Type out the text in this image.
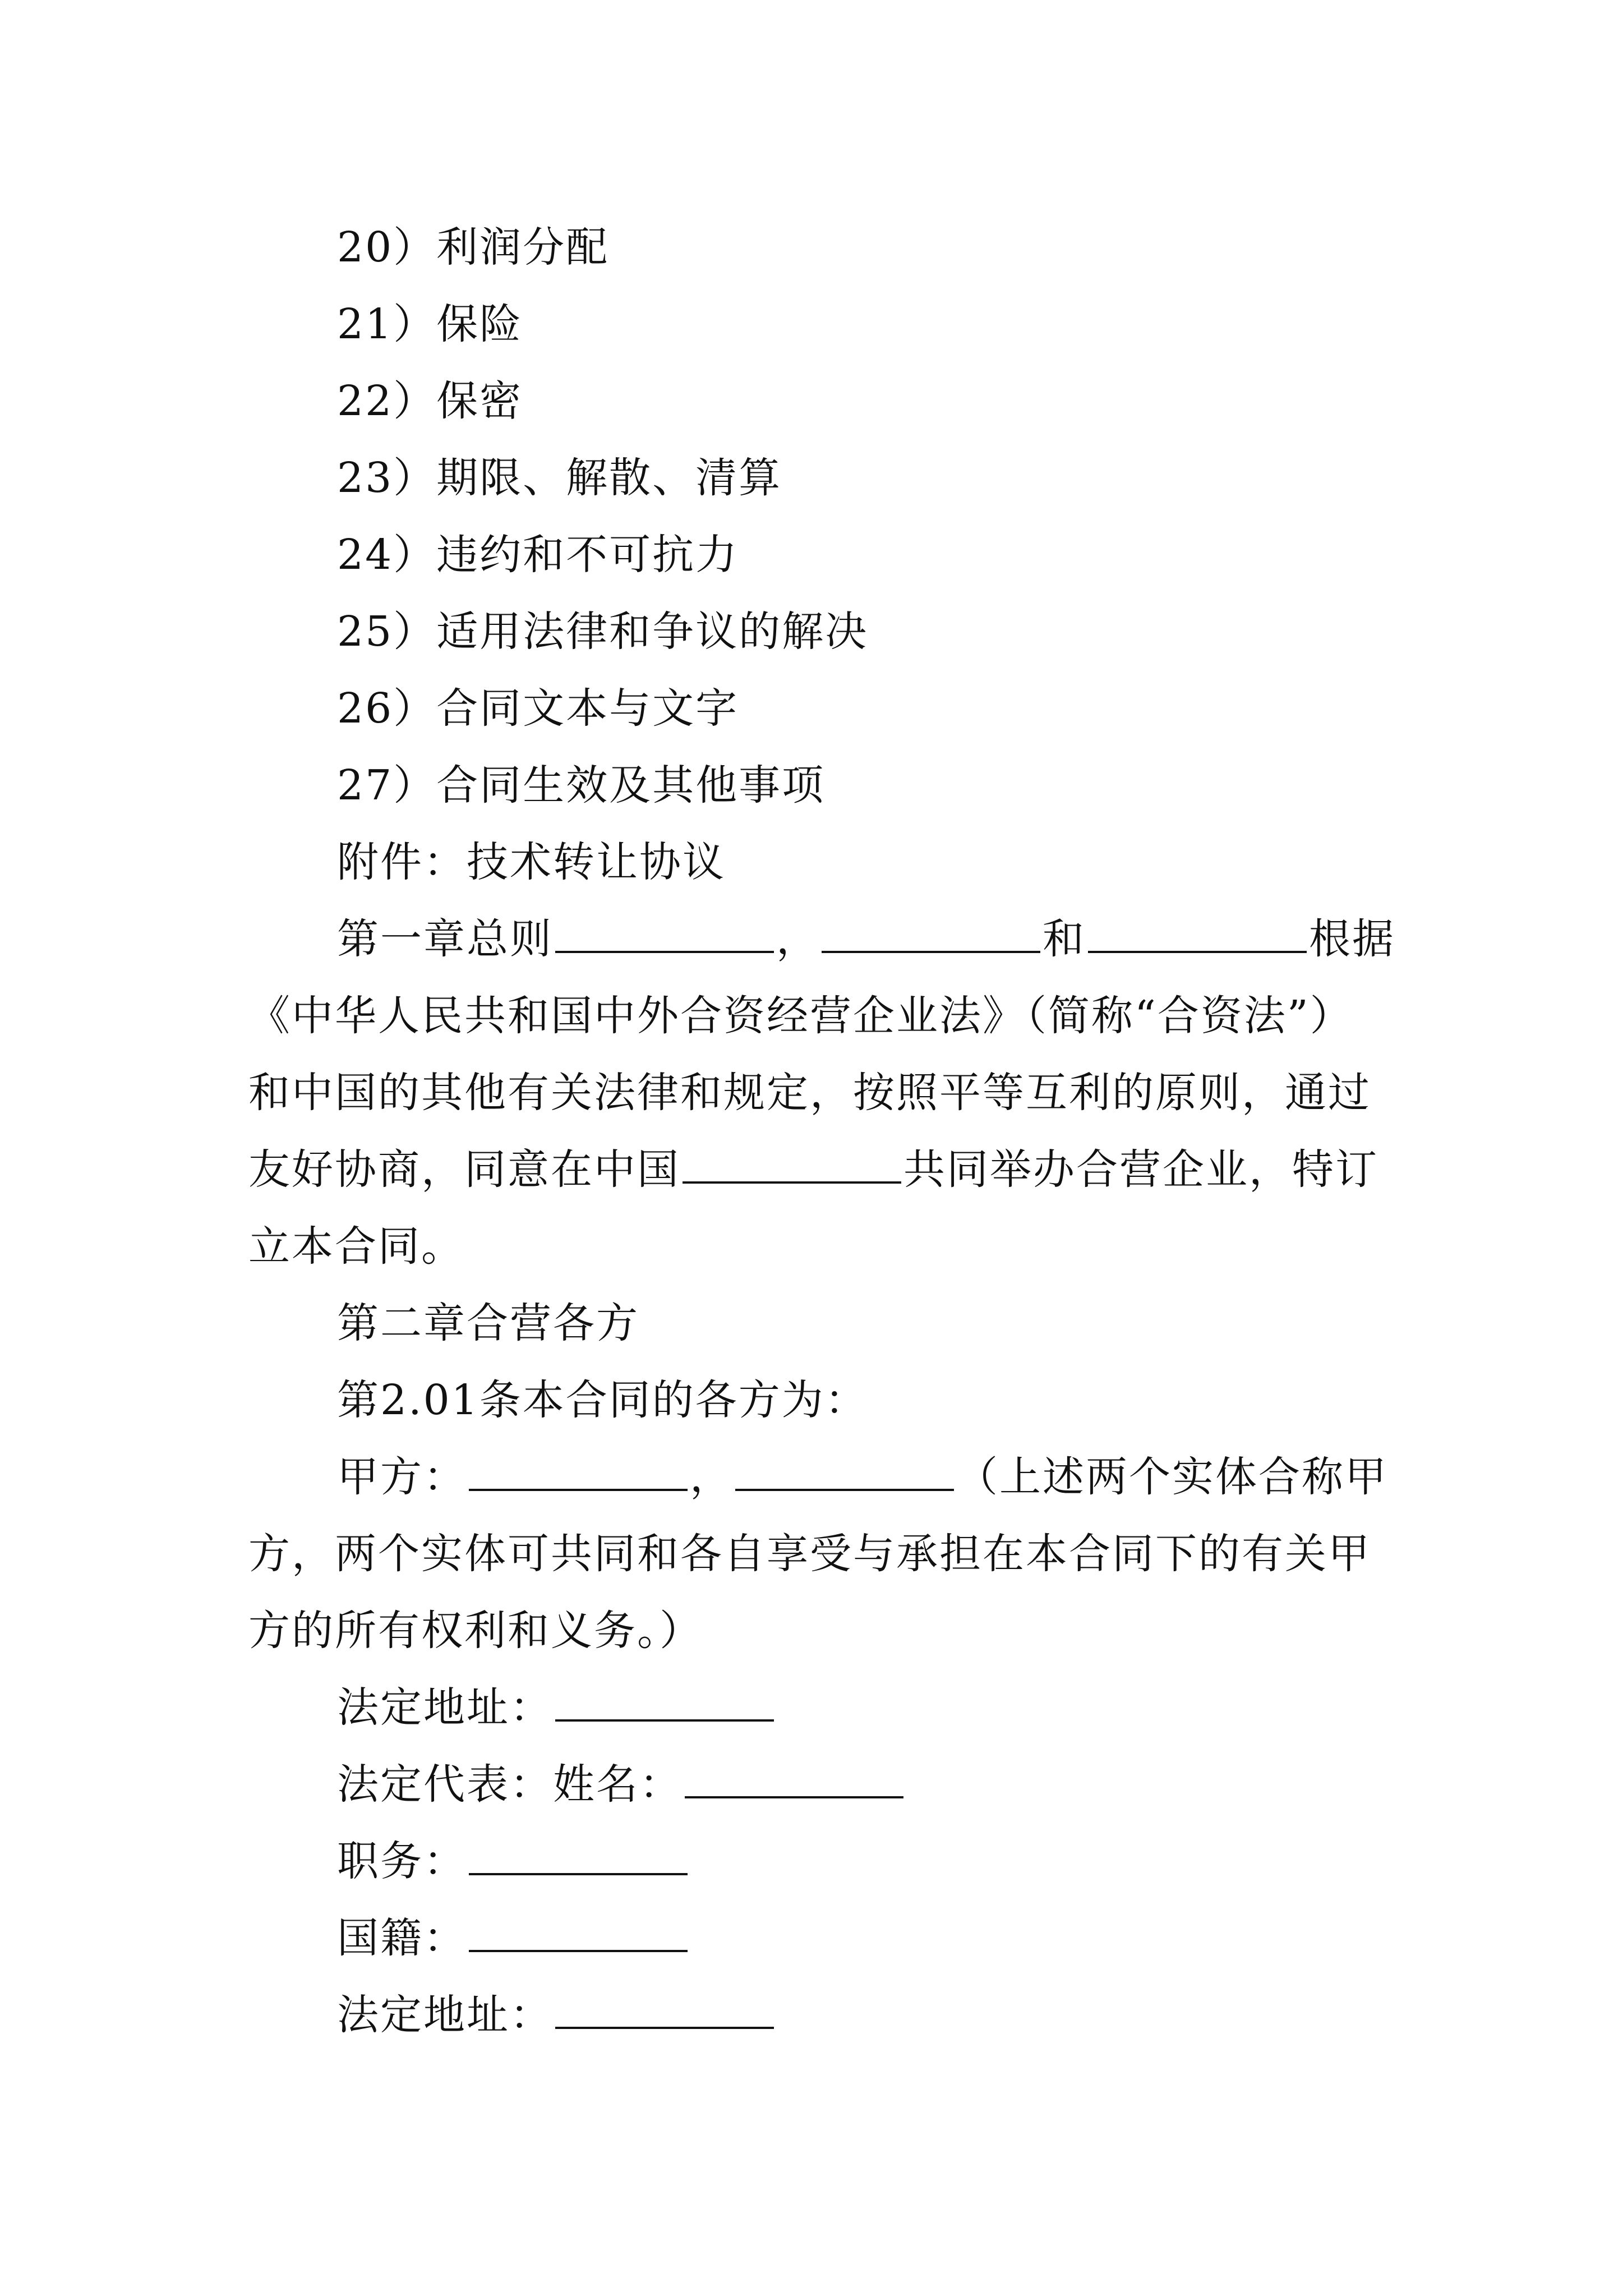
20）利润分配
21）保险
22）保密
23）期限、解散、清算
24）违约和不可抗力
25）适用法律和争议的解决
26）合同文本与文字
27）合同生效及其他事项
附件：技术转让协议
第一章总则	，	和	根据
《中华人民共和国中外合资经营企业法》（简称“合资法”）
和中国的其他有关法律和规定，按照平等互利的原则，通过
友好协商，同意在中国	共同举办合营企业，特订
立本合同。
第二章合营各方
第2.01条本合同的各方为：
甲方：	，	（上述两个实体合称甲
方，两个实体可共同和各自享受与承担在本合同下的有关甲
方的所有权利和义务。）
法定地址：
法定代表：姓名：
职务：
国籍：
法定地址：
